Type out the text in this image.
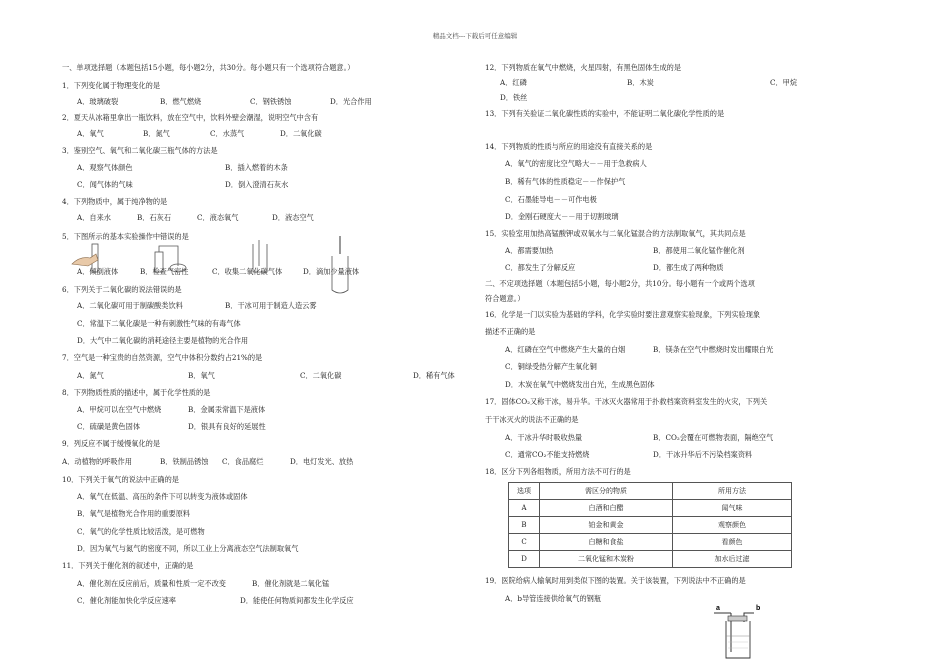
精品文档---下载后可任意编辑
一、单项选择题（本题包括15小题，每小题2分，共30分。每小题只有一个选项符合题意。）
1．下列变化属于物理变化的是
A．玻璃破裂	B．燃气燃烧	C．钢铁锈蚀	D．光合作用
2．夏天从冰箱里拿出一瓶饮料，放在空气中，饮料外壁会潮湿，说明空气中含有
A．氧气	B．氮气	C．水蒸气	D．二氧化碳
3．鉴别空气、氧气和二氧化碳三瓶气体的方法是
A．观察气体颜色	B．插入燃着的木条
C．闻气体的气味	D．倒入澄清石灰水
4．下列物质中，属于纯净物的是
A．自来水	B．石灰石	C．液态氧气	D．液态空气
5．下图所示的基本实验操作中错误的是
A．倾倒液体	B．检查气密性	C．收集二氧化碳气体	D．滴加少量液体
6．下列关于二氧化碳的说法错误的是
A．二氧化碳可用于制碳酸类饮料	B．干冰可用于制造人造云雾
C．常温下二氧化碳是一种有刺激性气味的有毒气体
D．大气中二氧化碳的消耗途径主要是植物的光合作用
7．空气是一种宝贵的自然资源，空气中体积分数约占21%的是
A．氮气	B．氧气	C．二氧化碳	D．稀有气体
8．下列物质性质的描述中，属于化学性质的是
A．甲烷可以在空气中燃烧	B．金属汞常温下是液体
C．硫磺是黄色固体	D．银具有良好的延展性
9．列反应不属于缓慢氧化的是
A．动植物的呼吸作用	B．铁制品锈蚀 C．食品腐烂	D．电灯发光、放热
10．下列关于氧气的说法中正确的是
A．氧气在低温、高压的条件下可以转变为液体或固体
B．氧气是植物光合作用的重要原料
C．氧气的化学性质比较活泼，是可燃物
D．因为氧气与氮气的密度不同，所以工业上分离液态空气法制取氧气
11．下列关于催化剂的叙述中，正确的是
A．催化剂在反应前后，质量和性质一定不改变	B．催化剂就是二氧化锰
C．催化剂能加快化学反应速率	D．能使任何物质间都发生化学反应
12．下列物质在氧气中燃烧，火星四射，有黑色固体生成的是
A．红磷	B．木炭	C．甲烷
D．铁丝
13．下列有关验证二氧化碳性质的实验中，不能证明二氧化碳化学性质的是
14．下列物质的性质与所应的用途没有直接关系的是
A．氧气的密度比空气略大－－用于急救病人
B．稀有气体的性质稳定－－作保护气
C．石墨能导电－－可作电极
D．金刚石硬度大－－用于切割玻璃
15．实验室用加热高锰酸钾或双氧水与二氧化锰混合的方法制取氧气，其共同点是
A．都需要加热	B．都使用二氧化锰作催化剂
C．都发生了分解反应	D．都生成了两种物质
二、不定项选择题（本题包括5小题，每小题2分，共10分。每小题有一个或两个选项
符合题意。）
16．化学是一门以实验为基础的学科，化学实验时要注意观察实验现象，下列实验现象
描述不正确的是
A．红磷在空气中燃烧产生大量的白烟	B．镁条在空气中燃烧时发出耀眼白光
C．铜绿受热分解产生氧化铜
D．木炭在氧气中燃烧发出白光，生成黑色固体
17．固体CO₂又称干冰，易升华。干冰灭火器常用于扑救档案资料室发生的火灾，下列关
于干冰灭火的说法不正确的是
A．干冰升华时吸收热量	B．CO₂会覆在可燃物表面，隔绝空气
C．通常CO₂不能支持燃烧	D．干冰升华后不污染档案资料
18．区分下列各组物质，所用方法不可行的是
选项	需区分的物质	所用方法
A	白酒和白醋	闻气味
B	铂金和黄金	观察颜色
C	白糖和食盐	看颜色
D	二氧化锰和木炭粉	加水后过滤
19．医院给病人输氧时用到类似下图的装置。关于该装置，下列说法中不正确的是
A．b导管连接供给氧气的钢瓶
a	b
